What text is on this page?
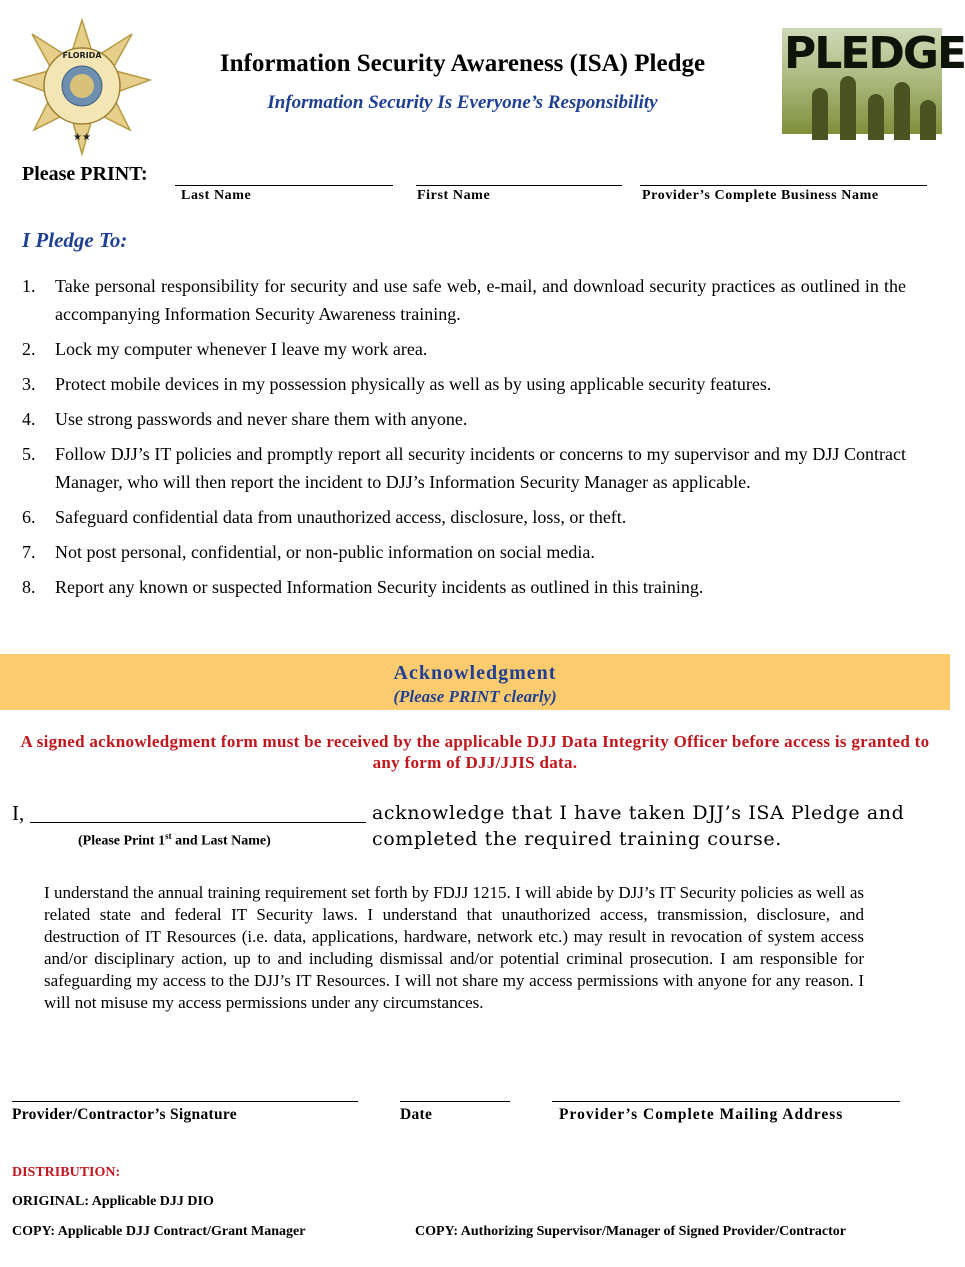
FLORIDA
★★
Information Security Awareness (ISA) Pledge
Information Security Is Everyone’s Responsibility
PLEDGE
Please PRINT:
Last Name	First Name	Provider’s Complete Business Name
I Pledge To:
1. Take personal responsibility for security and use safe web, e-mail, and download security practices as outlined in the accompanying Information Security Awareness training.
2. Lock my computer whenever I leave my work area.
3. Protect mobile devices in my possession physically as well as by using applicable security features.
4. Use strong passwords and never share them with anyone.
5. Follow DJJ’s IT policies and promptly report all security incidents or concerns to my supervisor and my DJJ Contract Manager, who will then report the incident to DJJ’s Information Security Manager as applicable.
6. Safeguard confidential data from unauthorized access, disclosure, loss, or theft.
7. Not post personal, confidential, or non-public information on social media.
8. Report any known or suspected Information Security incidents as outlined in this training.
Acknowledgment
(Please PRINT clearly)
A signed acknowledgment form must be received by the applicable DJJ Data Integrity Officer before access is granted to any form of DJJ/JJIS data.
I,
(Please Print 1st and Last Name)
acknowledge that I have taken DJJ’s ISA Pledge and
completed the required training course.
I understand the annual training requirement set forth by FDJJ 1215. I will abide by DJJ’s IT Security policies as well as related state and federal IT Security laws. I understand that unauthorized access, transmission, disclosure, and destruction of IT Resources (i.e. data, applications, hardware, network etc.) may result in revocation of system access and/or disciplinary action, up to and including dismissal and/or potential criminal prosecution. I am responsible for safeguarding my access to the DJJ’s IT Resources. I will not share my access permissions with anyone for any reason. I will not misuse my access permissions under any circumstances.
Provider/Contractor’s Signature	Date	Provider’s Complete Mailing Address
DISTRIBUTION:
ORIGINAL: Applicable DJJ DIO
COPY: Applicable DJJ Contract/Grant Manager	COPY: Authorizing Supervisor/Manager of Signed Provider/Contractor
